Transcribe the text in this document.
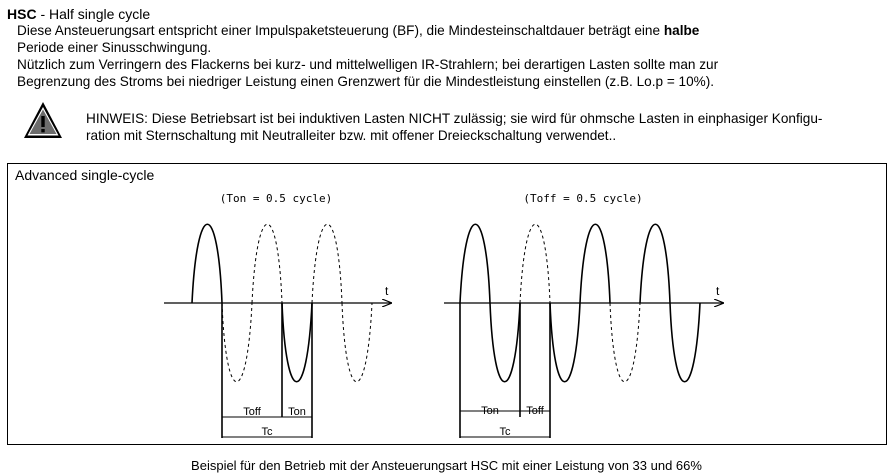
HSC - Half single cycle
Diese Ansteuerungsart entspricht einer Impulspaketsteuerung (BF), die Mindesteinschaltdauer beträgt eine halbe
Periode einer Sinusschwingung.
Nützlich zum Verringern des Flackerns bei kurz- und mittelwelligen IR-Strahlern; bei derartigen Lasten sollte man zur
Begrenzung des Stroms bei niedriger Leistung einen Grenzwert für die Mindestleistung einstellen (z.B. Lo.p = 10%).
HINWEIS: Diese Betriebsart ist bei induktiven Lasten NICHT zulässig; sie wird für ohmsche Lasten in einphasiger Konfigu-
ration mit Sternschaltung mit Neutralleiter bzw. mit offener Dreieckschaltung verwendet..
Advanced single-cycle
(Ton = 0.5 cycle)
t
Toff Ton
Tc
(Toff = 0.5 cycle)
t
Ton Toff
Tc
Beispiel für den Betrieb mit der Ansteuerungsart HSC mit einer Leistung von 33 und 66%
